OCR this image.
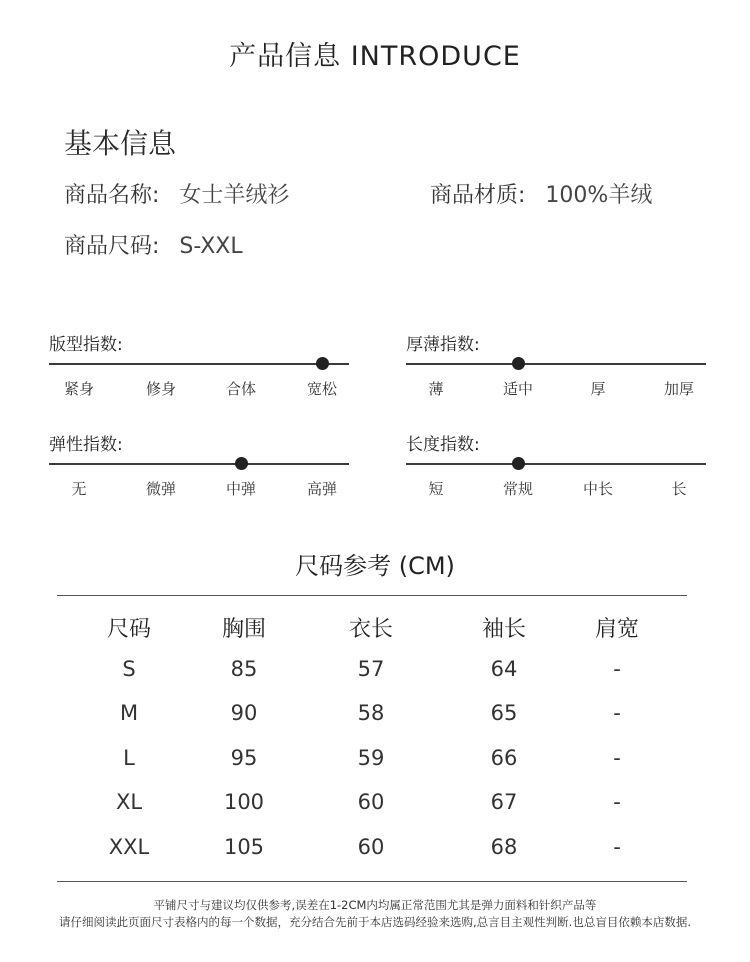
产品信息 INTRODUCE
基本信息
商品名称: 女士羊绒衫	商品材质: 100%羊绒
商品尺码: S-XXL
版型指数:
紧身	修身	合体	宽松
厚薄指数:
薄	适中	厚	加厚
弹性指数:
无	微弹	中弹	高弹
长度指数:
短	常规	中长	长
尺码参考 (CM)
尺码	胸围	衣长	袖长	肩宽
S	85	57	64	-
M	90	58	65	-
L	95	59	66	-
XL	100	60	67	-
XXL	105	60	68	-
平铺尺寸与建议均仅供参考,误差在1-2CM内均属正常范围尤其是弹力面料和针织产品等
请仔细阅读此页面尺寸表格内的每一个数据，充分结合先前于本店选码经验来选购,总言目主观性判断.也总盲目依赖本店数据.
